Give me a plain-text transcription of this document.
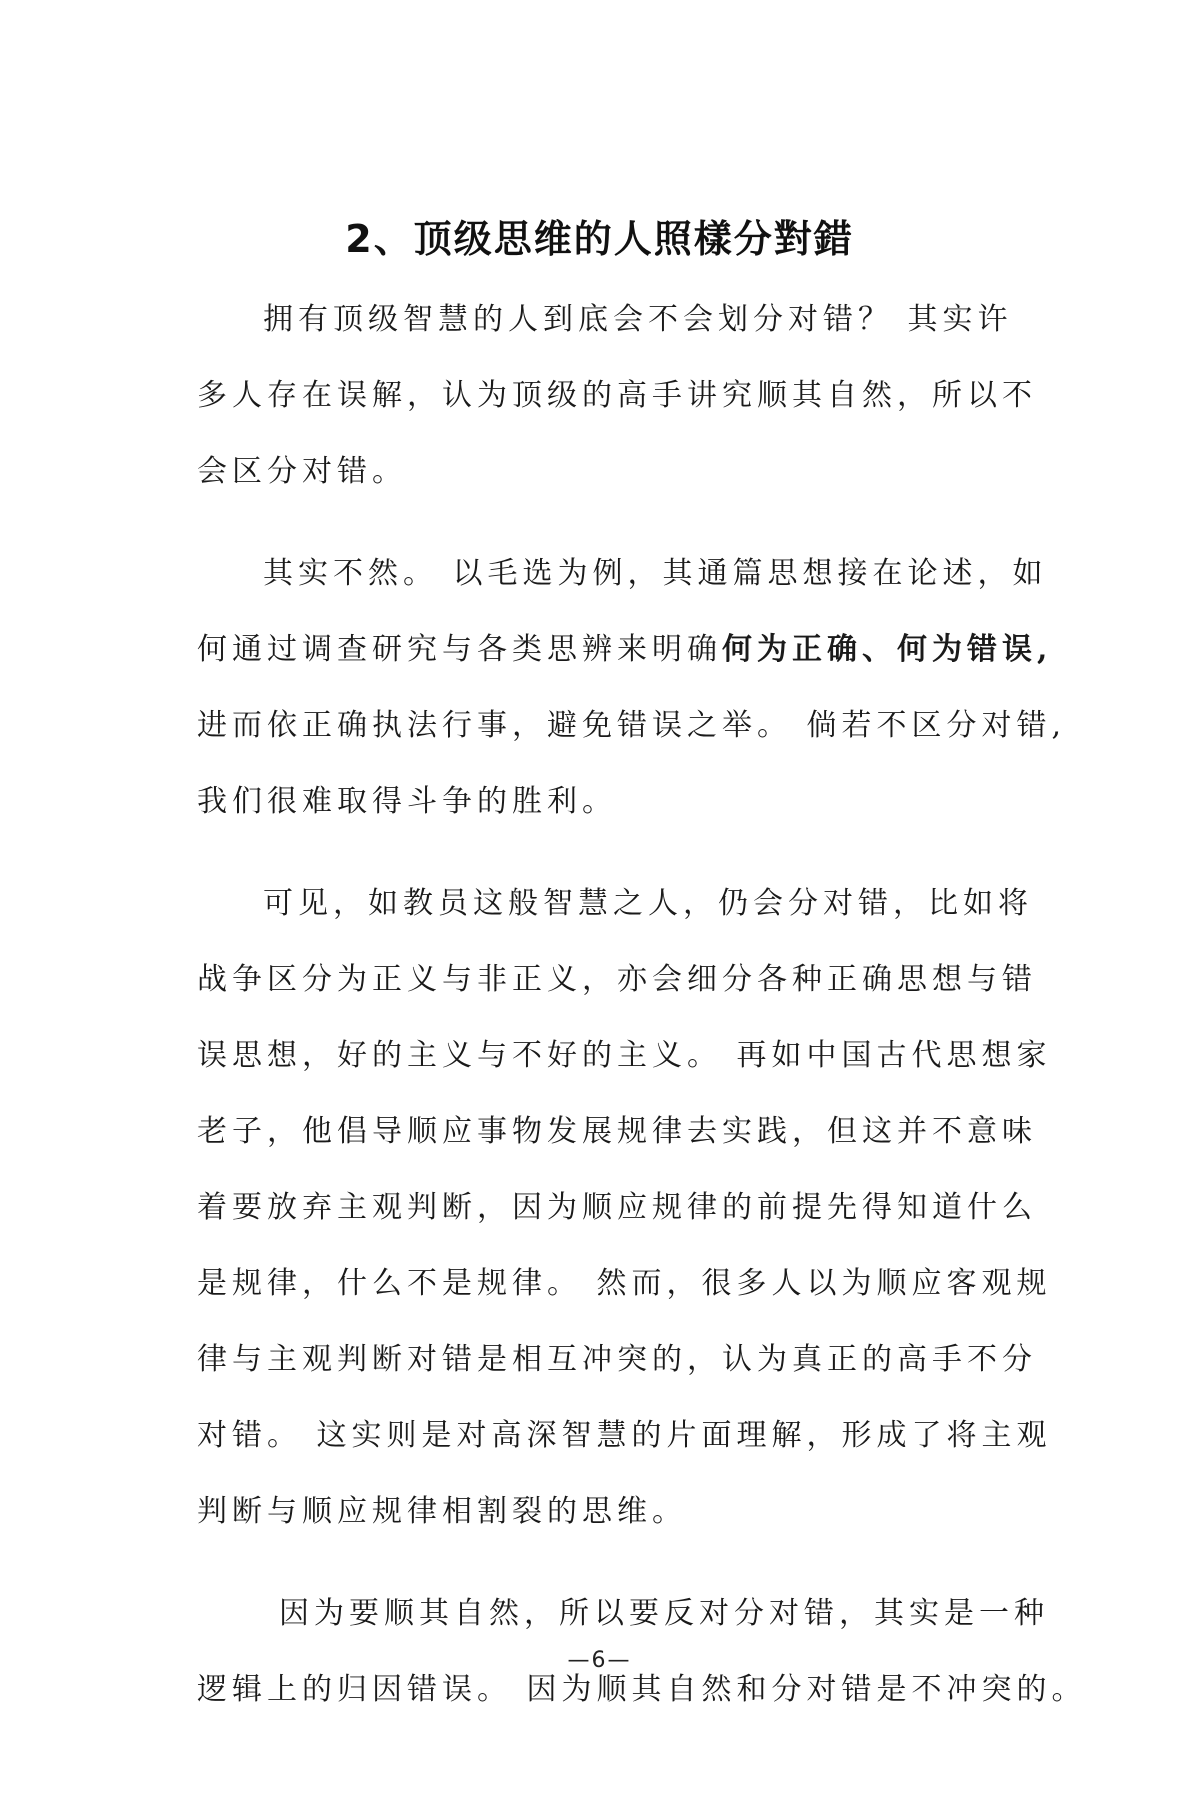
2、顶级思维的人照樣分對錯
拥有顶级智慧的人到底会不会划分对错？ 其实许
多人存在误解，认为顶级的高手讲究顺其自然，所以不
会区分对错。
其实不然。 以毛选为例，其通篇思想接在论述，如
何通过调查研究与各类思辨来明确何为正确、何为错误,
进而依正确执法行事，避免错误之举。 倘若不区分对错,
我们很难取得斗争的胜利。
可见，如教员这般智慧之人，仍会分对错，比如将
战争区分为正义与非正义，亦会细分各种正确思想与错
误思想，好的主义与不好的主义。 再如中国古代思想家
老子，他倡导顺应事物发展规律去实践，但这并不意味
着要放弃主观判断，因为顺应规律的前提先得知道什么
是规律，什么不是规律。 然而，很多人以为顺应客观规
律与主观判断对错是相互冲突的，认为真正的高手不分
对错。 这实则是对高深智慧的片面理解，形成了将主观
判断与顺应规律相割裂的思维。
因为要顺其自然，所以要反对分对错，其实是一种
逻辑上的归因错误。 因为顺其自然和分对错是不冲突的。
—6—
